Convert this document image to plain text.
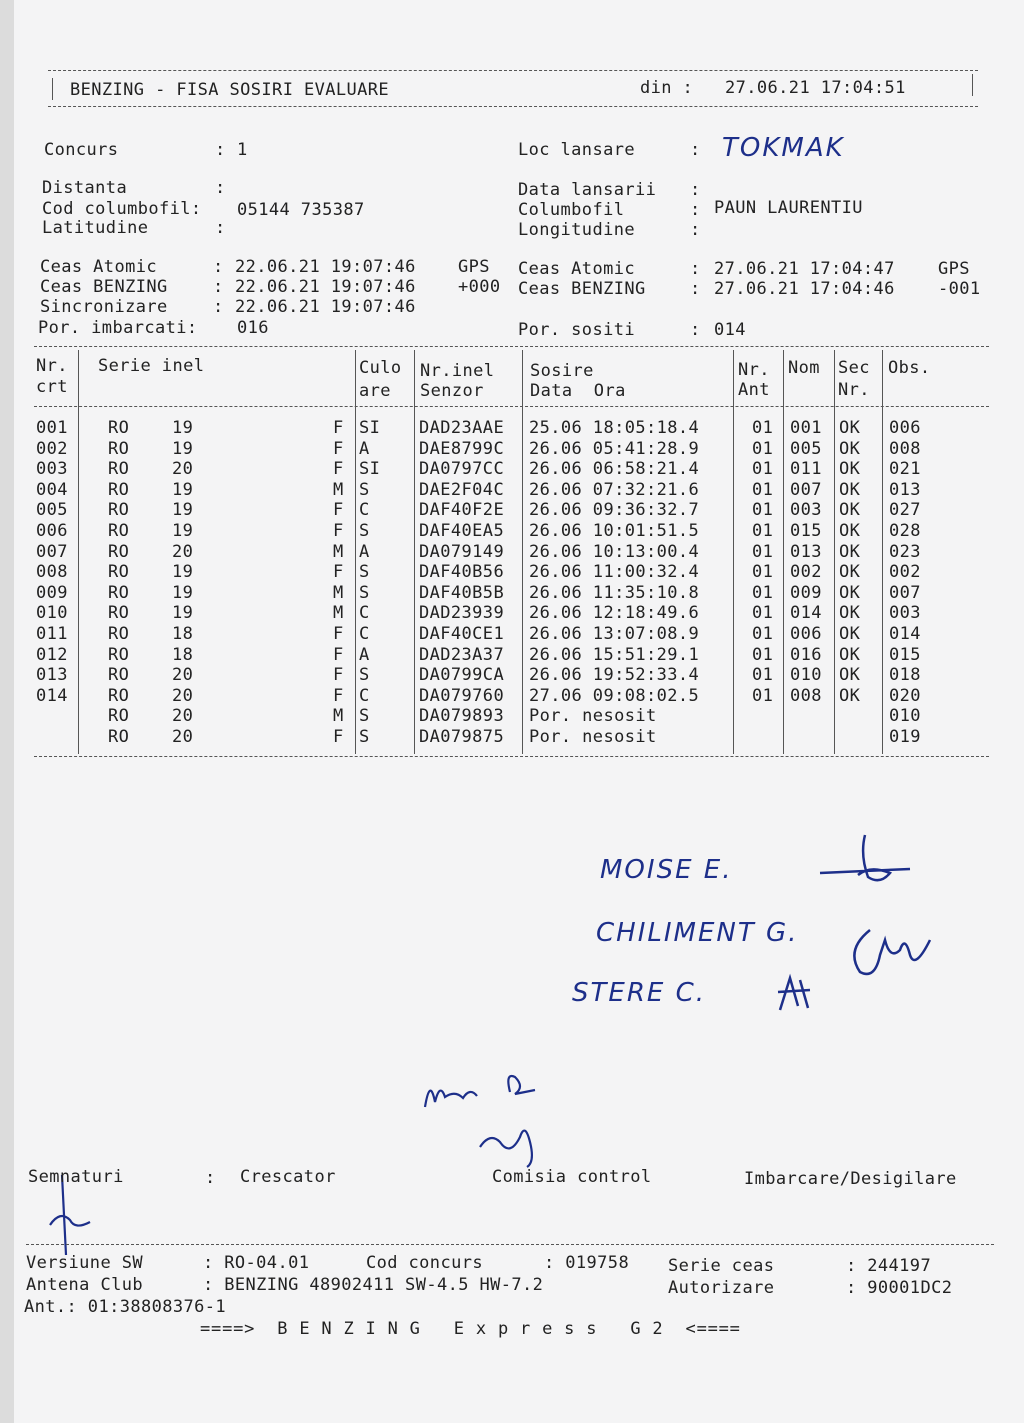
BENZING - FISA SOSIRI EVALUARE	din : 27.06.21 17:04:51
Concurs	: 1	Loc lansare	: TOKMAK
Distanta	:	Data lansarii :
Cod columbofil: 05144 735387	Columbofil	: PAUN LAURENTIU
Latitudine	:	Longitudine	:
Ceas Atomic	: 22.06.21 19:07:46 GPS
Ceas BENZING	: 22.06.21 19:07:46 +000
Sincronizare	: 22.06.21 19:07:46
Ceas Atomic	: 27.06.21 17:04:47	GPS
Ceas BENZING	: 27.06.21 17:04:46	-001
Por. imbarcati: 016	Por. sositi	: 014
Nr.
crt
Serie inel	Culo
are
Nr.inel
Senzor
Sosire
Data  Ora
Nr.
Ant
Nom Sec
Nr.
Obs.
001 RO	19	F SI DAD23AAE 25.06 18:05:18.4	01 001 OK 006
002 RO	19	F A	DAE8799C 26.06 05:41:28.9	01 005 OK 008
003 RO	20	F SI DA0797CC 26.06 06:58:21.4	01 011 OK 021
004 RO	19	M S	DAE2F04C 26.06 07:32:21.6	01 007 OK 013
005 RO	19	F C	DAF40F2E 26.06 09:36:32.7	01 003 OK 027
006 RO	19	F S	DAF40EA5 26.06 10:01:51.5	01 015 OK 028
007 RO	20	M A	DA079149 26.06 10:13:00.4	01 013 OK 023
008 RO	19	F S	DAF40B56 26.06 11:00:32.4	01 002 OK 002
009 RO	19	M S	DAF40B5B 26.06 11:35:10.8	01 009 OK 007
010 RO	19	M C	DAD23939 26.06 12:18:49.6	01 014 OK 003
011 RO	18	F C	DAF40CE1 26.06 13:07:08.9	01 006 OK 014
012 RO	18	F A	DAD23A37 26.06 15:51:29.1	01 016 OK 015
013 RO	20	F S	DA0799CA 26.06 19:52:33.4	01 010 OK 018
014 RO	20	F C	DA079760 27.06 09:08:02.5	01 008 OK 020
RO	20	M S	DA079893 Por. nesosit	010
RO	20	F S	DA079875 Por. nesosit	019
MOISE E.
CHILIMENT G.
STERE C.
Semnaturi	: Crescator	Comisia control	Imbarcare/Desigilare
Versiune SW	: RO-04.01	Cod concurs	: 019758 Serie ceas	: 244197
Antena Club	: BENZING 48902411 SW-4.5 HW-7.2	Autorizare	: 90001DC2
Ant.: 01:38808376-1
====>  B E N Z I N G   E x p r e s s   G 2  <====
